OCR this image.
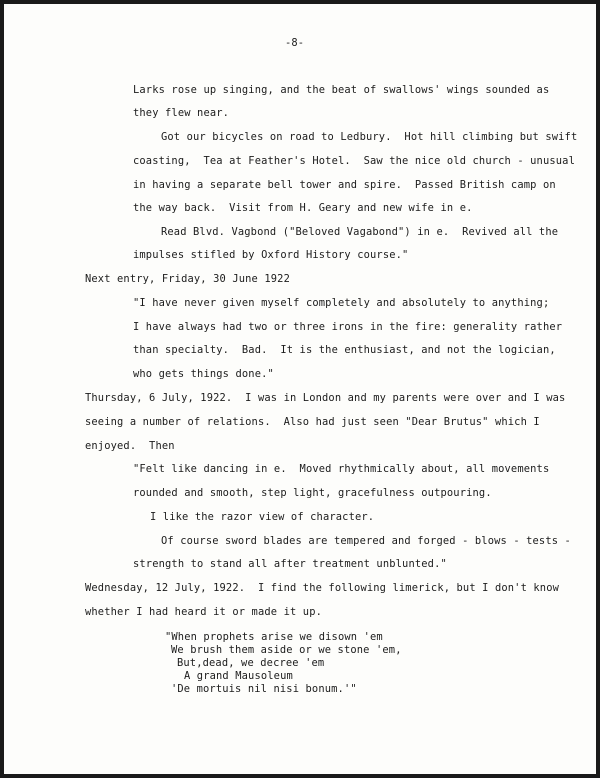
-8-
Larks rose up singing, and the beat of swallows' wings sounded as
they flew near.
Got our bicycles on road to Ledbury.  Hot hill climbing but swift
coasting,  Tea at Feather's Hotel.  Saw the nice old church - unusual
in having a separate bell tower and spire.  Passed British camp on
the way back.  Visit from H. Geary and new wife in e.
Read Blvd. Vagbond ("Beloved Vagabond") in e.  Revived all the
impulses stifled by Oxford History course."
Next entry, Friday, 30 June 1922
"I have never given myself completely and absolutely to anything;
I have always had two or three irons in the fire: generality rather
than specialty.  Bad.  It is the enthusiast, and not the logician,
who gets things done."
Thursday, 6 July, 1922.  I was in London and my parents were over and I was
seeing a number of relations.  Also had just seen "Dear Brutus" which I
enjoyed.  Then
"Felt like dancing in e.  Moved rhythmically about, all movements
rounded and smooth, step light, gracefulness outpouring.
I like the razor view of character.
Of course sword blades are tempered and forged - blows - tests -
strength to stand all after treatment unblunted."
Wednesday, 12 July, 1922.  I find the following limerick, but I don't know
whether I had heard it or made it up.
"When prophets arise we disown 'em
We brush them aside or we stone 'em,
But,dead, we decree 'em
A grand Mausoleum
'De mortuis nil nisi bonum.'"
